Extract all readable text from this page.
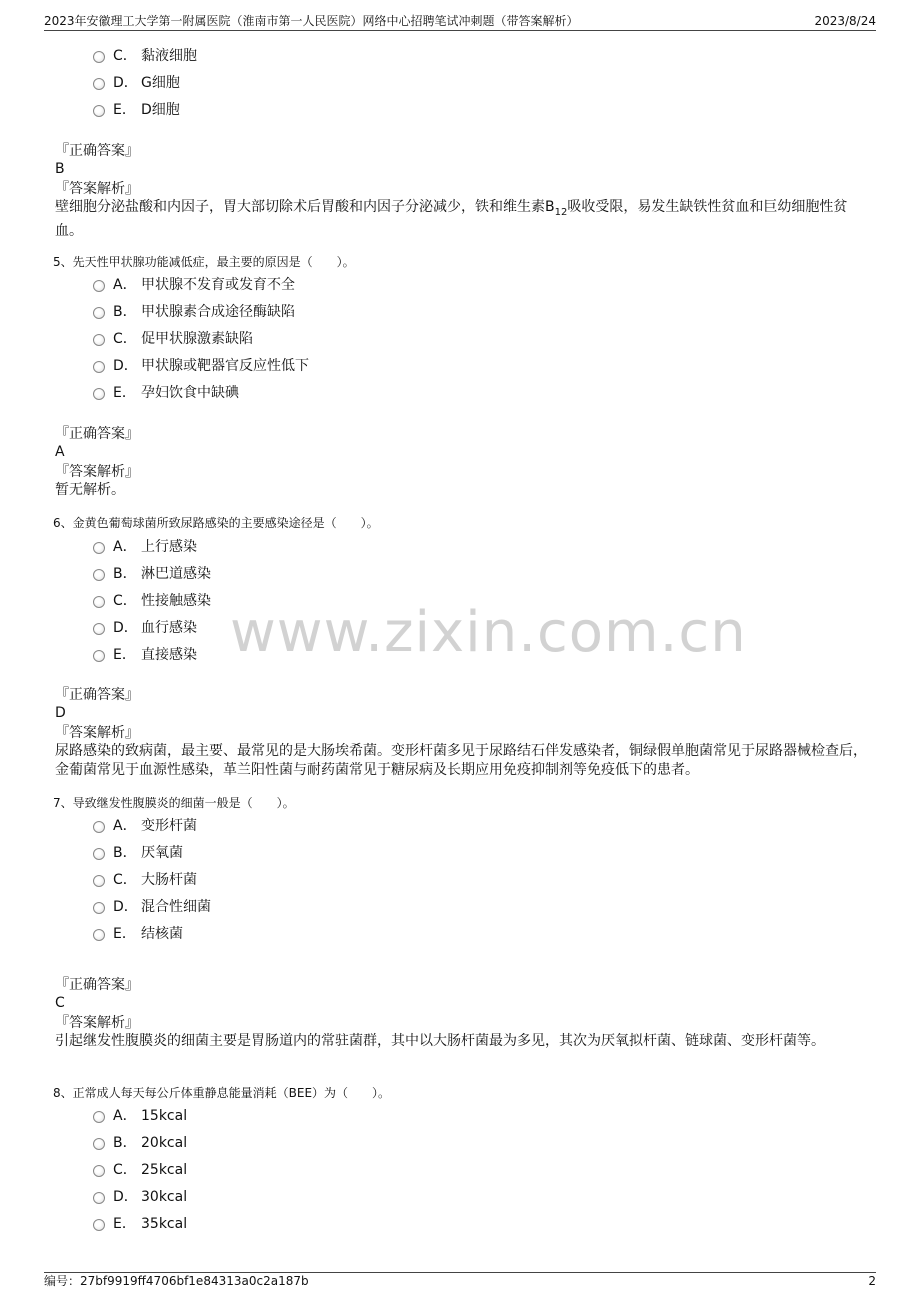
2023年安徽理工大学第一附属医院（淮南市第一人民医院）网络中心招聘笔试冲刺题（带答案解析）	2023/8/24
www.zixin.com.cn
C． 黏液细胞
D． G细胞
E． D细胞
『正确答案』
B
『答案解析』
壁细胞分泌盐酸和内因子，胃大部切除术后胃酸和内因子分泌减少，铁和维生素$B_{12}$吸收受限，易发生缺铁性贫血和巨幼细胞性贫血。
5、先天性甲状腺功能减低症，最主要的原因是（　　）。
A． 甲状腺不发育或发育不全
B． 甲状腺素合成途径酶缺陷
C． 促甲状腺激素缺陷
D． 甲状腺或靶器官反应性低下
E． 孕妇饮食中缺碘
『正确答案』
A
『答案解析』
暂无解析。
6、金黄色葡萄球菌所致尿路感染的主要感染途径是（　　）。
A． 上行感染
B． 淋巴道感染
C． 性接触感染
D． 血行感染
E． 直接感染
『正确答案』
D
『答案解析』
尿路感染的致病菌，最主要、最常见的是大肠埃希菌。变形杆菌多见于尿路结石伴发感染者，铜绿假单胞菌常见于尿路器械检查后，金葡菌常见于血源性感染，革兰阳性菌与耐药菌常见于糖尿病及长期应用免疫抑制剂等免疫低下的患者。
7、导致继发性腹膜炎的细菌一般是（　　）。
A． 变形杆菌
B． 厌氧菌
C． 大肠杆菌
D． 混合性细菌
E． 结核菌
『正确答案』
C
『答案解析』
引起继发性腹膜炎的细菌主要是胃肠道内的常驻菌群，其中以大肠杆菌最为多见，其次为厌氧拟杆菌、链球菌、变形杆菌等。
8、正常成人每天每公斤体重静息能量消耗（BEE）为（　　）。
A． 15kcal
B． 20kcal
C． 25kcal
D． 30kcal
E． 35kcal
编号：27bf9919ff4706bf1e84313a0c2a187b	2
